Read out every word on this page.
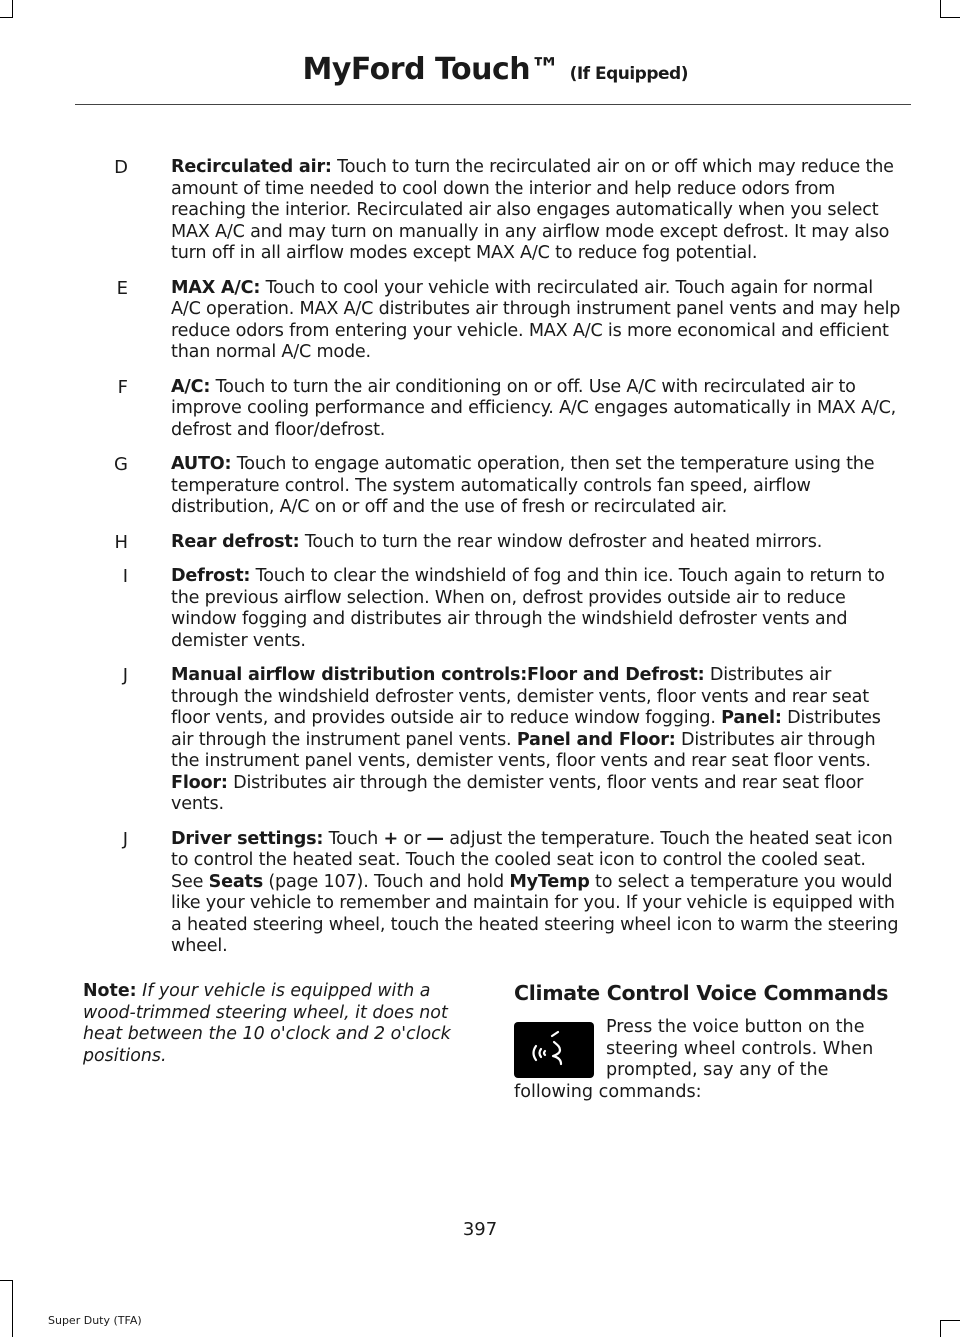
MyFord Touch™ (If Equipped)
D Recirculated air: Touch to turn the recirculated air on or off which may reduce the amount of time needed to cool down the interior and help reduce odors from reaching the interior. Recirculated air also engages automatically when you select MAX A/C and may turn on manually in any airflow mode except defrost. It may also turn off in all airflow modes except MAX A/C to reduce fog potential.
E MAX A/C: Touch to cool your vehicle with recirculated air. Touch again for normal A/C operation. MAX A/C distributes air through instrument panel vents and may help reduce odors from entering your vehicle. MAX A/C is more economical and efficient than normal A/C mode.
F A/C: Touch to turn the air conditioning on or off. Use A/C with recirculated air to improve cooling performance and efficiency. A/C engages automatically in MAX A/C, defrost and floor/defrost.
G AUTO: Touch to engage automatic operation, then set the temperature using the temperature control. The system automatically controls fan speed, airflow distribution, A/C on or off and the use of fresh or recirculated air.
H Rear defrost: Touch to turn the rear window defroster and heated mirrors.
I Defrost: Touch to clear the windshield of fog and thin ice. Touch again to return to the previous airflow selection. When on, defrost provides outside air to reduce window fogging and distributes air through the windshield defroster vents and demister vents.
J Manual airflow distribution controls:Floor and Defrost: Distributes air through the windshield defroster vents, demister vents, floor vents and rear seat floor vents, and provides outside air to reduce window fogging. Panel: Distributes air through the instrument panel vents. Panel and Floor: Distributes air through the instrument panel vents, demister vents, floor vents and rear seat floor vents. Floor: Distributes air through the demister vents, floor vents and rear seat floor vents.
J Driver settings: Touch + or — adjust the temperature. Touch the heated seat icon to control the heated seat. Touch the cooled seat icon to control the cooled seat. See Seats (page 107). Touch and hold MyTemp to select a temperature you would like your vehicle to remember and maintain for you. If your vehicle is equipped with a heated steering wheel, touch the heated steering wheel icon to warm the steering wheel.
Note: If your vehicle is equipped with a wood-trimmed steering wheel, it does not heat between the 10 o'clock and 2 o'clock positions.
Climate Control Voice Commands
Press the voice button on the steering wheel controls. When prompted, say any of the following commands:
397
Super Duty (TFA)
